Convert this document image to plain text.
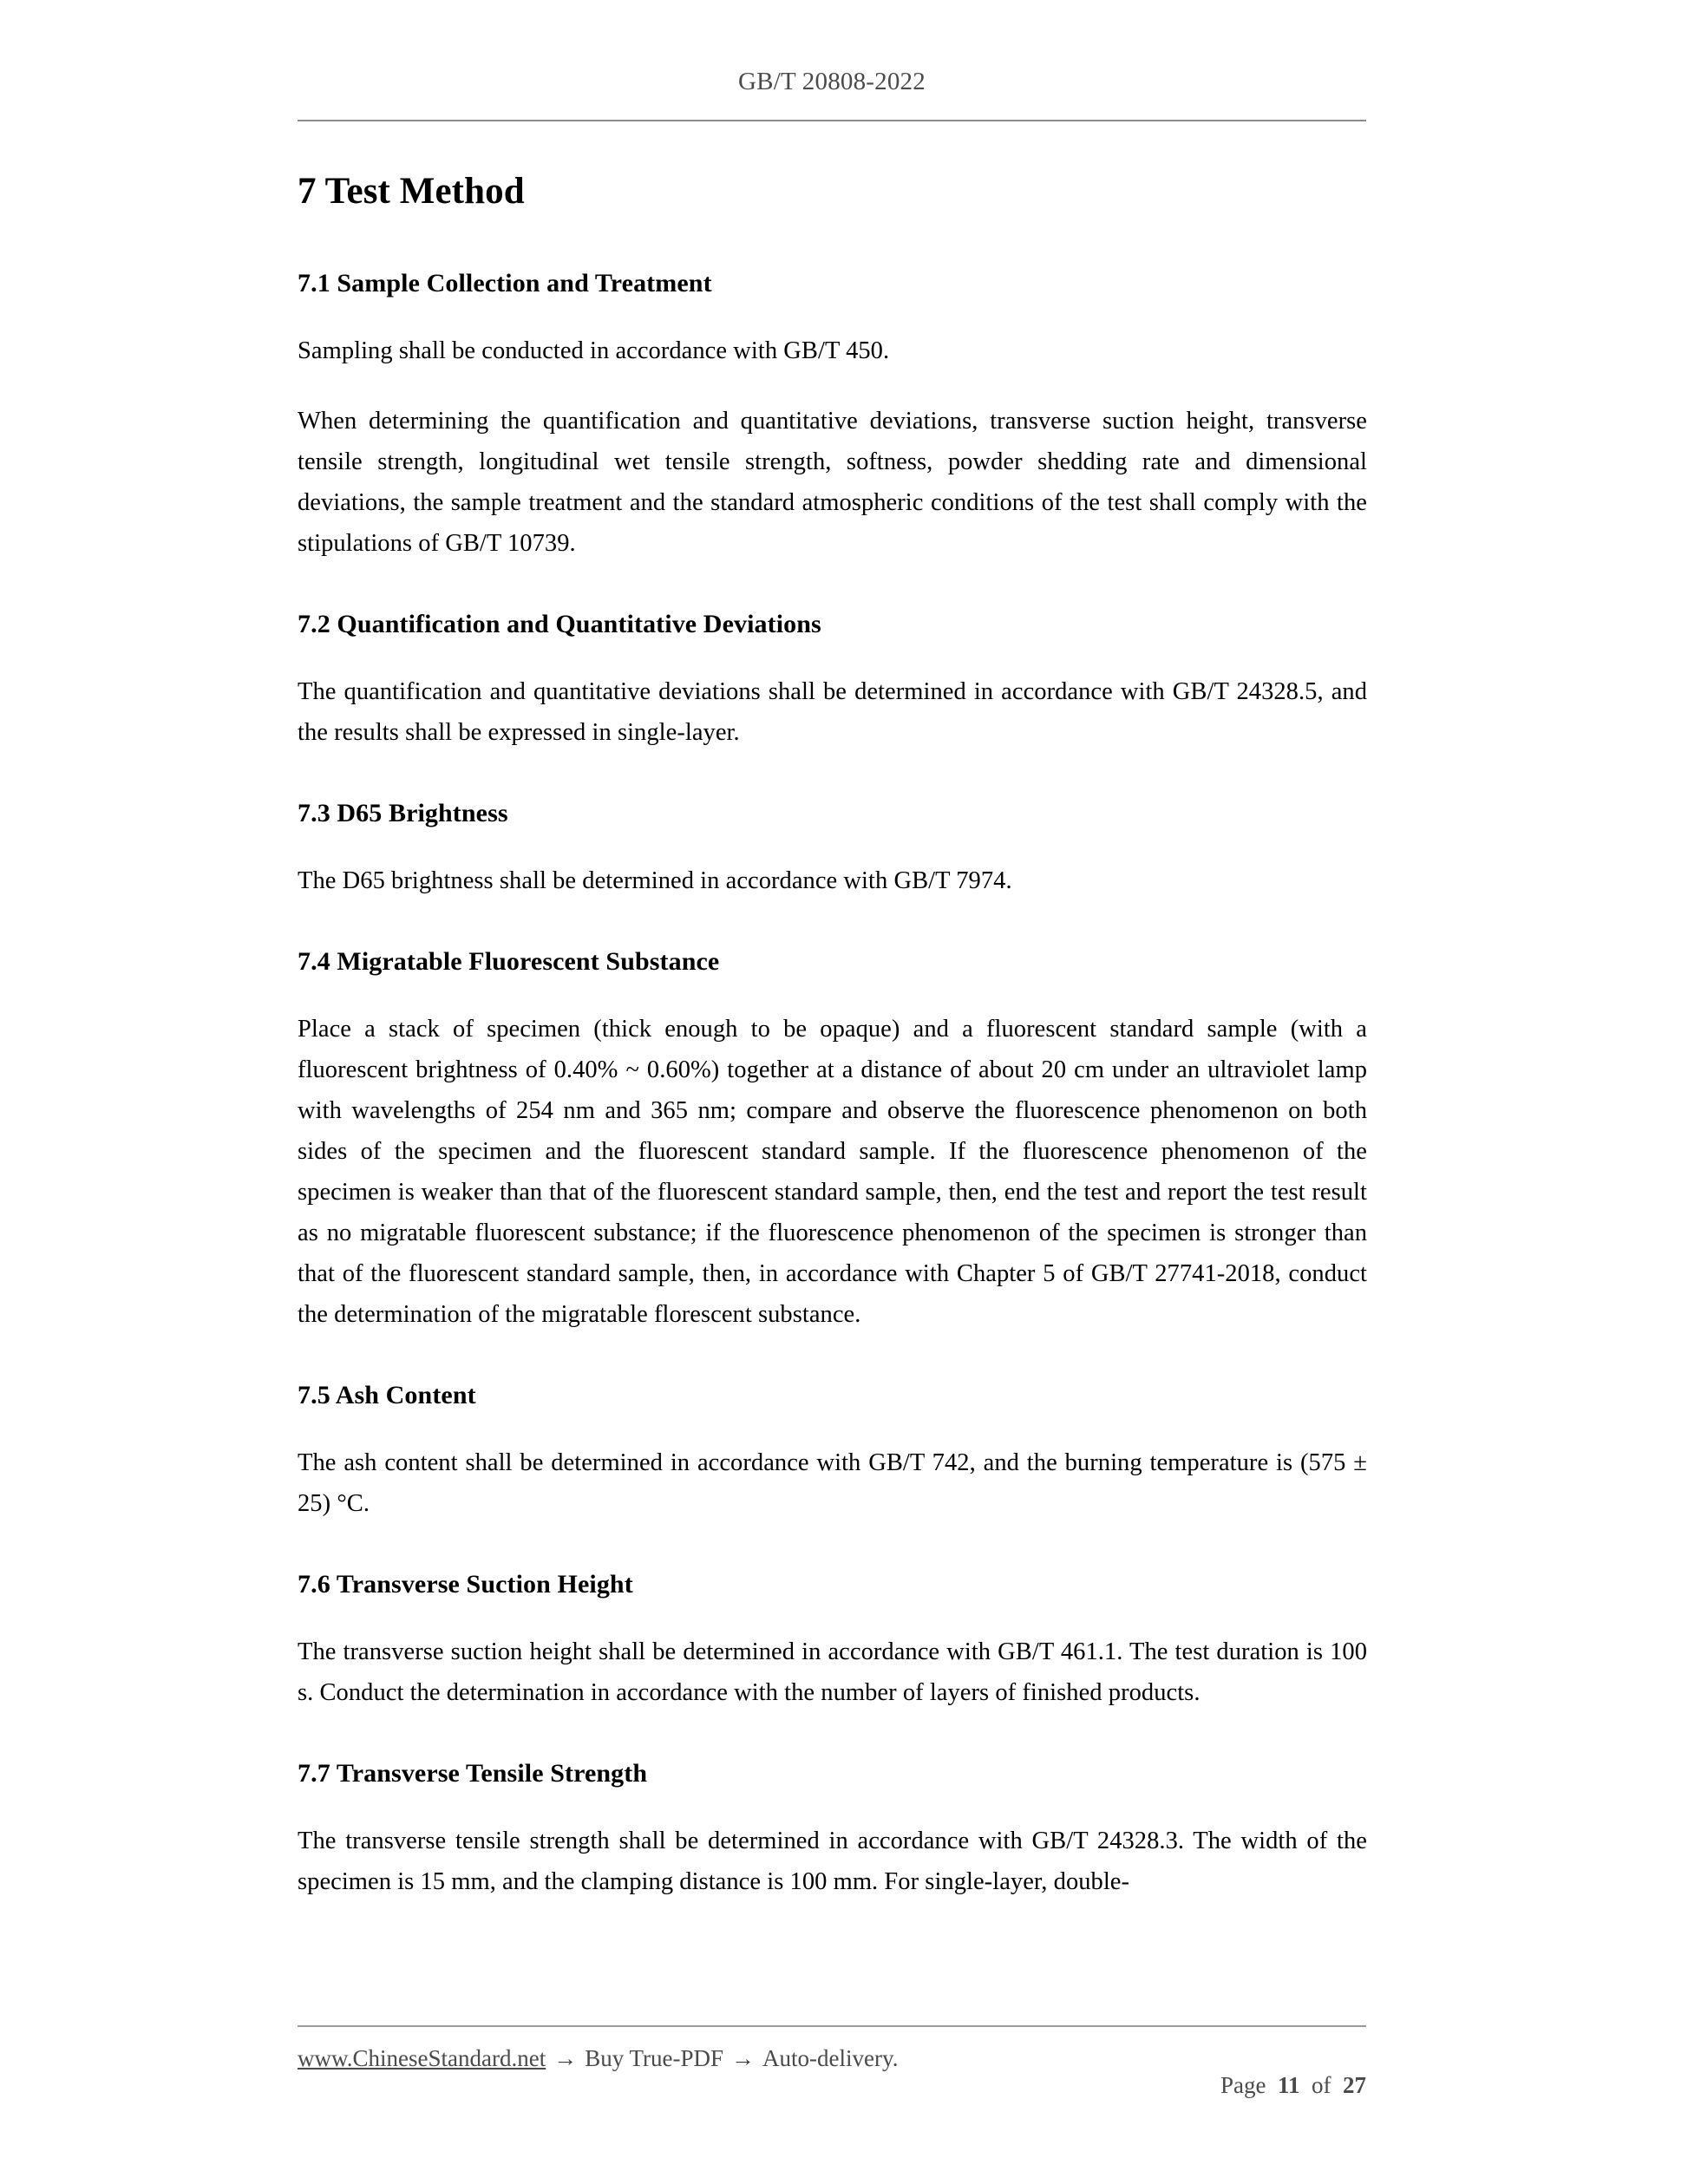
GB/T 20808-2022
7 Test Method
7.1 Sample Collection and Treatment

Sampling shall be conducted in accordance with GB/T 450.

When determining the quantification and quantitative deviations, transverse suction height, transverse tensile strength, longitudinal wet tensile strength, softness, powder shedding rate and dimensional deviations, the sample treatment and the standard atmospheric conditions of the test shall comply with the stipulations of GB/T 10739.

7.2 Quantification and Quantitative Deviations

The quantification and quantitative deviations shall be determined in accordance with GB/T 24328.5, and the results shall be expressed in single-layer.

7.3 D65 Brightness

The D65 brightness shall be determined in accordance with GB/T 7974.

7.4 Migratable Fluorescent Substance

Place a stack of specimen (thick enough to be opaque) and a fluorescent standard sample (with a fluorescent brightness of 0.40% ~ 0.60%) together at a distance of about 20 cm under an ultraviolet lamp with wavelengths of 254 nm and 365 nm; compare and observe the fluorescence phenomenon on both sides of the specimen and the fluorescent standard sample. If the fluorescence phenomenon of the specimen is weaker than that of the fluorescent standard sample, then, end the test and report the test result as no migratable fluorescent substance; if the fluorescence phenomenon of the specimen is stronger than that of the fluorescent standard sample, then, in accordance with Chapter 5 of GB/T 27741-2018, conduct the determination of the migratable florescent substance.

7.5 Ash Content

The ash content shall be determined in accordance with GB/T 742, and the burning temperature is (575 ± 25) °C.

7.6 Transverse Suction Height

The transverse suction height shall be determined in accordance with GB/T 461.1. The test duration is 100 s. Conduct the determination in accordance with the number of layers of finished products.

7.7 Transverse Tensile Strength

The transverse tensile strength shall be determined in accordance with GB/T 24328.3. The width of the specimen is 15 mm, and the clamping distance is 100 mm. For single-layer, double-

www.ChineseStandard.net → Buy True-PDF → Auto-delivery.

Page 11 of 27
